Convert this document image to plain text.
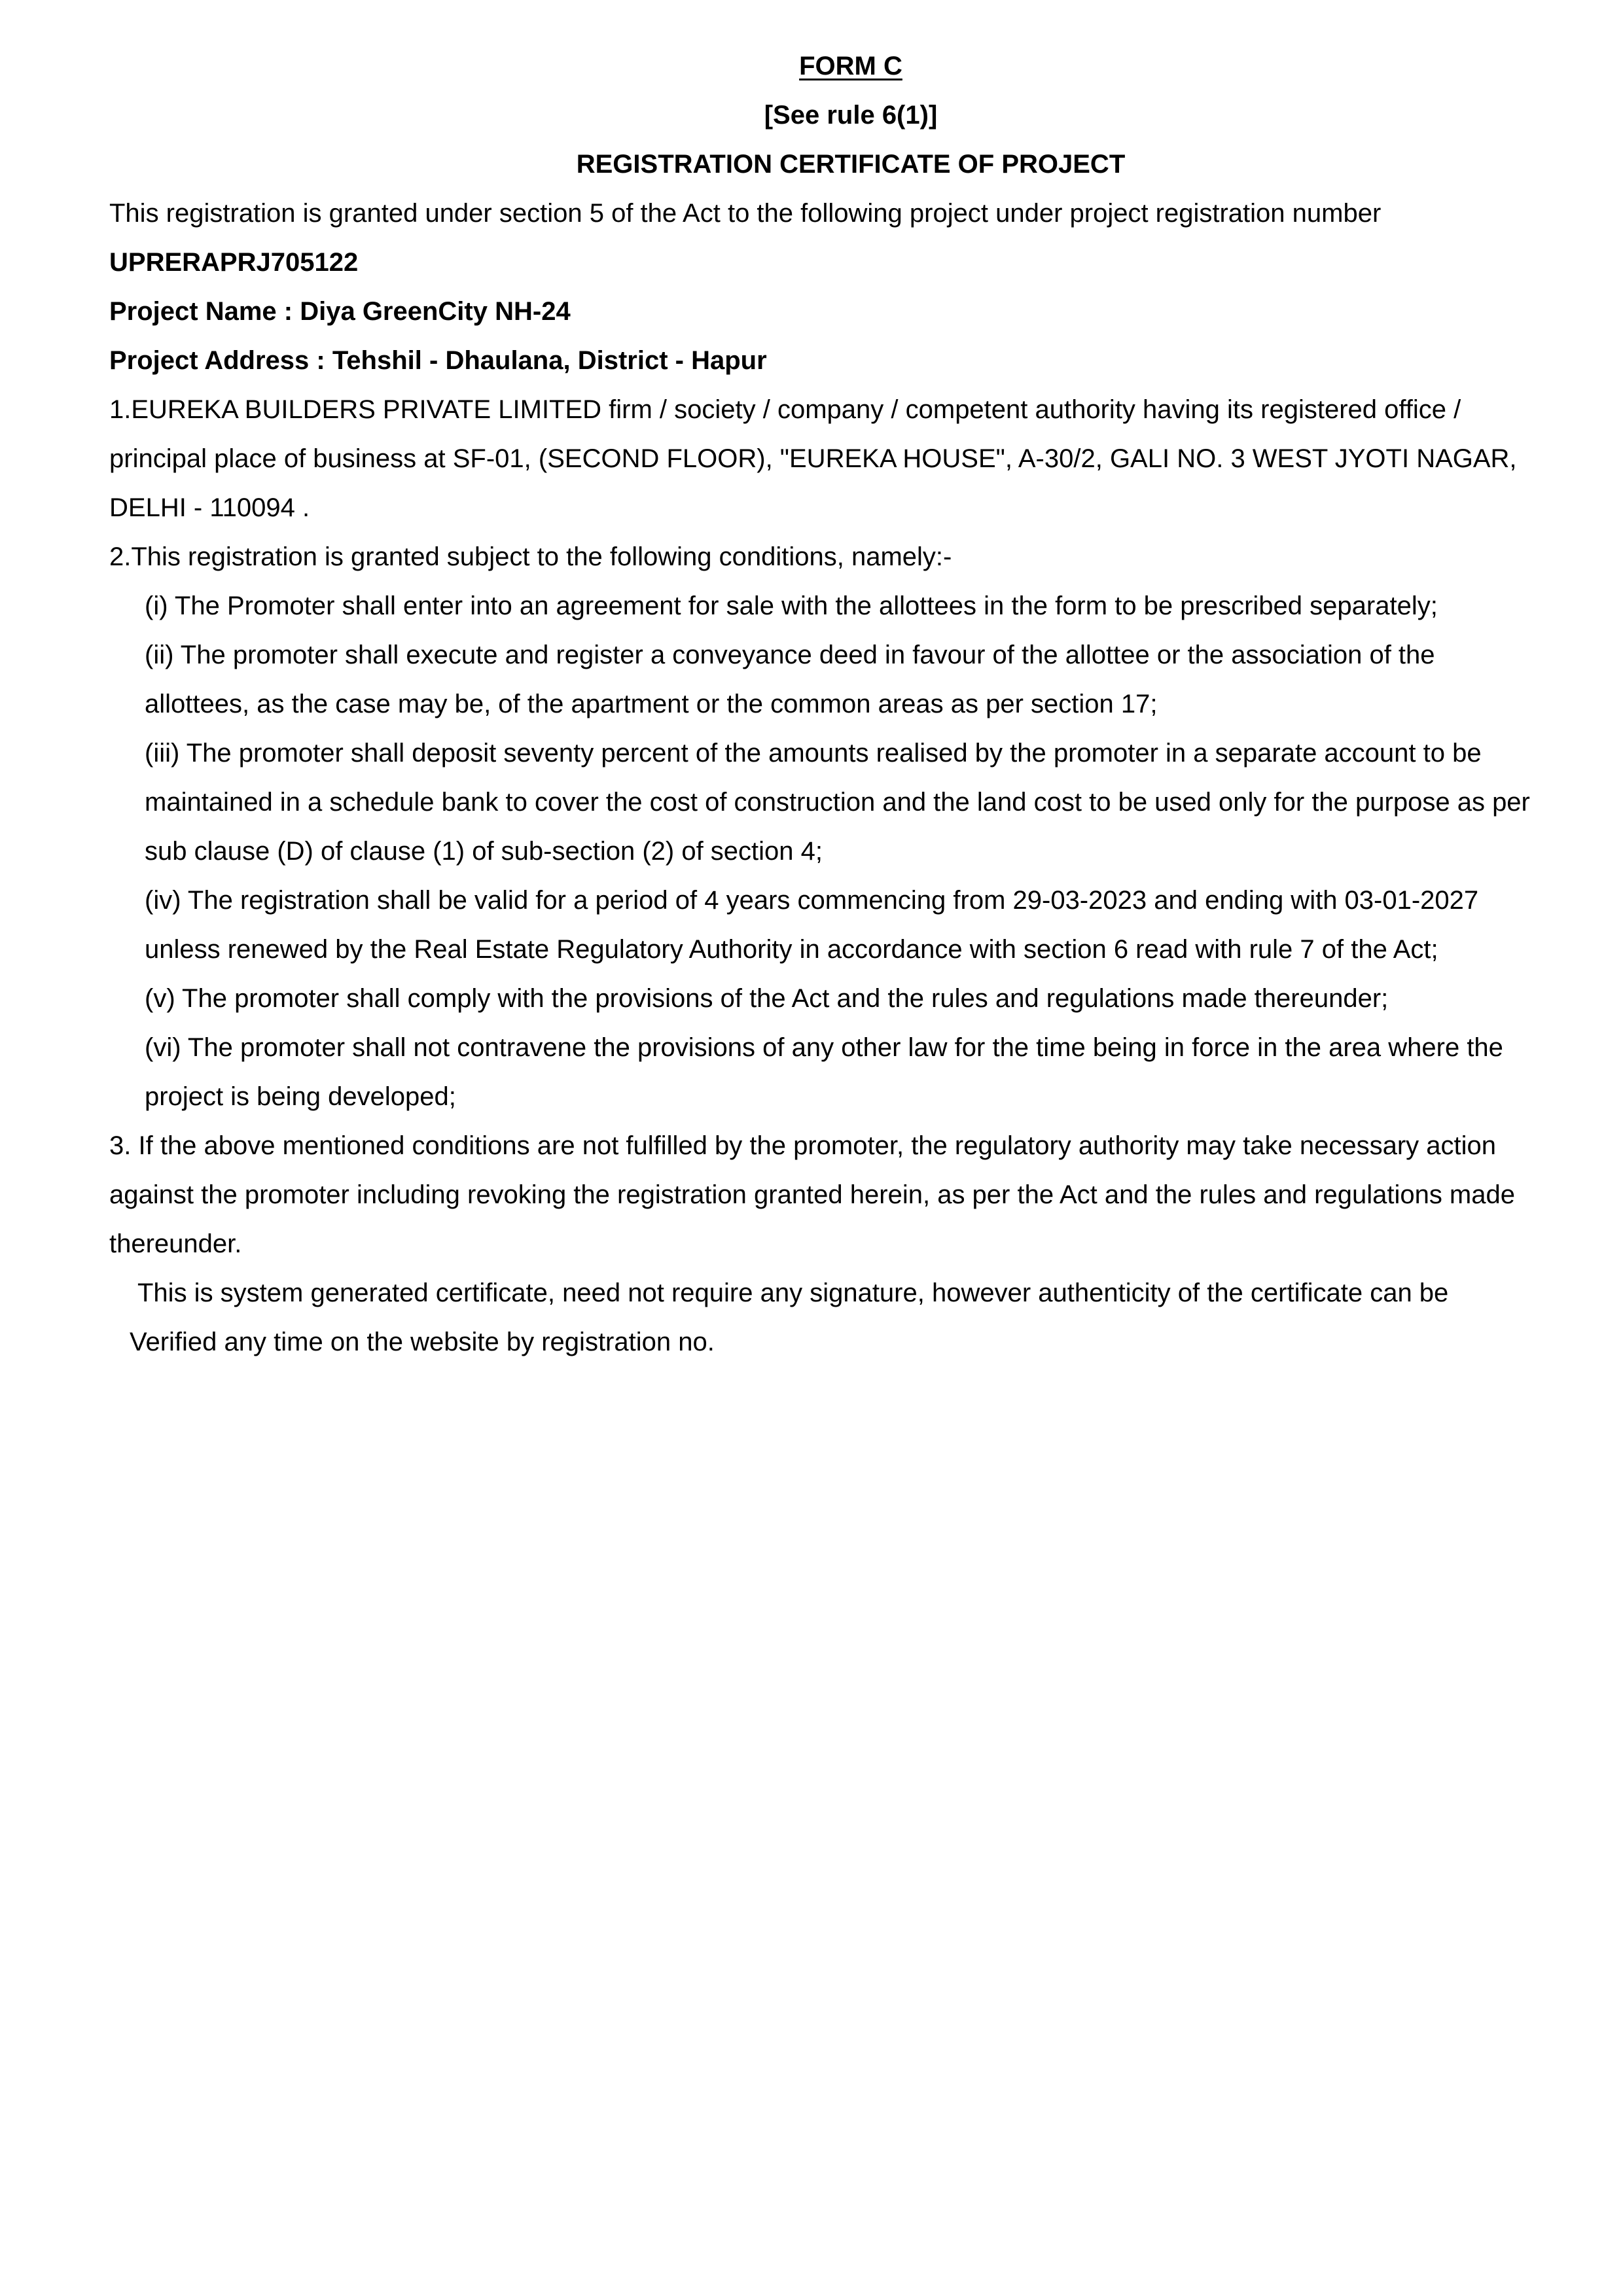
FORM C
[See rule 6(1)]
REGISTRATION CERTIFICATE OF PROJECT
This registration is granted under section 5 of the Act to the following project under project registration number
UPRERAPRJ705122
Project Name : Diya GreenCity NH-24
Project Address : Tehshil - Dhaulana, District - Hapur
1.EUREKA BUILDERS PRIVATE LIMITED firm / society / company / competent authority having its registered office /
principal place of business at SF-01, (SECOND FLOOR), "EUREKA HOUSE", A-30/2, GALI NO. 3 WEST JYOTI NAGAR,
DELHI - 110094 .
2.This registration is granted subject to the following conditions, namely:-
(i) The Promoter shall enter into an agreement for sale with the allottees in the form to be prescribed separately;
(ii) The promoter shall execute and register a conveyance deed in favour of the allottee or the association of the
allottees, as the case may be, of the apartment or the common areas as per section 17;
(iii) The promoter shall deposit seventy percent of the amounts realised by the promoter in a separate account to be
maintained in a schedule bank to cover the cost of construction and the land cost to be used only for the purpose as per
sub clause (D) of clause (1) of sub-section (2) of section 4;
(iv) The registration shall be valid for a period of 4 years commencing from 29-03-2023 and ending with 03-01-2027
unless renewed by the Real Estate Regulatory Authority in accordance with section 6 read with rule 7 of the Act;
(v) The promoter shall comply with the provisions of the Act and the rules and regulations made thereunder;
(vi) The promoter shall not contravene the provisions of any other law for the time being in force in the area where the
project is being developed;
3. If the above mentioned conditions are not fulfilled by the promoter, the regulatory authority may take necessary action
against the promoter including revoking the registration granted herein, as per the Act and the rules and regulations made
thereunder.
This is system generated certificate, need not require any signature, however authenticity of the certificate can be
Verified any time on the website by registration no.
